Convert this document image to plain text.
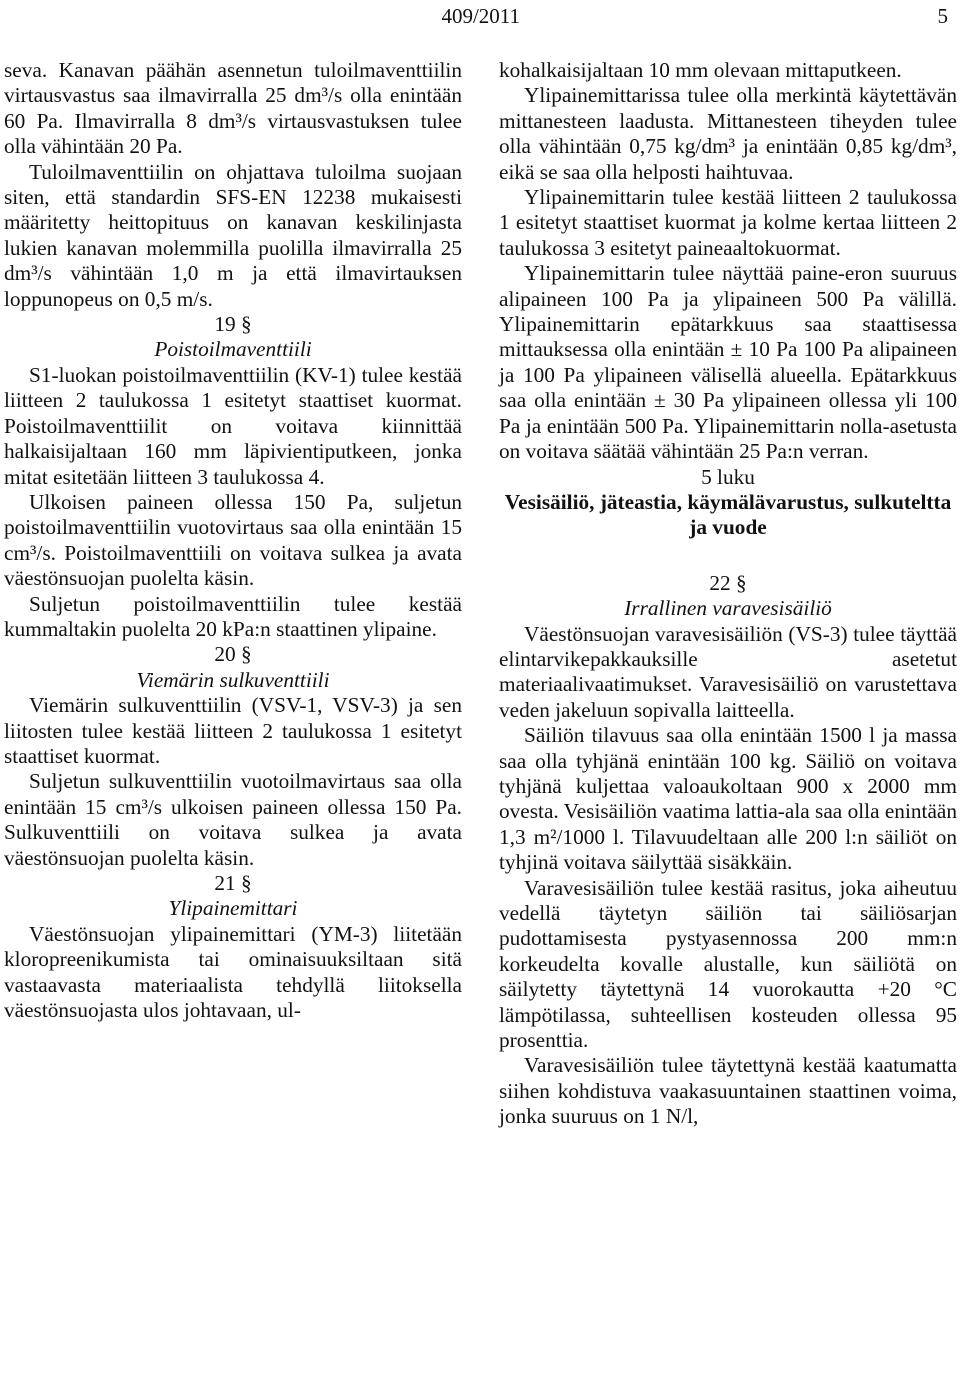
409/2011	5

seva. Kanavan päähän asennetun tuloilmaventtiilin virtausvastus saa ilmavirralla 25 dm³/s olla enintään 60 Pa. Ilmavirralla 8 dm³/s virtausvastuksen tulee olla vähintään 20 Pa.

Tuloilmaventtiilin on ohjattava tuloilma suojaan siten, että standardin SFS-EN 12238 mukaisesti määritetty heittopituus on kanavan keskilinjasta lukien kanavan molemmilla puolilla ilmavirralla 25 dm³/s vähintään 1,0 m ja että ilmavirtauksen loppunopeus on 0,5 m/s.

19 §

Poistoilmaventtiili

S1-luokan poistoilmaventtiilin (KV-1) tulee kestää liitteen 2 taulukossa 1 esitetyt staattiset kuormat. Poistoilmaventtiilit on voitava kiinnittää halkaisijaltaan 160 mm läpivientiputkeen, jonka mitat esitetään liitteen 3 taulukossa 4.

Ulkoisen paineen ollessa 150 Pa, suljetun poistoilmaventtiilin vuotovirtaus saa olla enintään 15 cm³/s. Poistoilmaventtiili on voitava sulkea ja avata väestönsuojan puolelta käsin.

Suljetun poistoilmaventtiilin tulee kestää kummaltakin puolelta 20 kPa:n staattinen ylipaine.

20 §

Viemärin sulkuventtiili

Viemärin sulkuventtiilin (VSV-1, VSV-3) ja sen liitosten tulee kestää liitteen 2 taulukossa 1 esitetyt staattiset kuormat.

Suljetun sulkuventtiilin vuotoilmavirtaus saa olla enintään 15 cm³/s ulkoisen paineen ollessa 150 Pa. Sulkuventtiili on voitava sulkea ja avata väestönsuojan puolelta käsin.

21 §

Ylipainemittari

Väestönsuojan ylipainemittari (YM-3) liitetään kloropreenikumista tai ominaisuuksiltaan sitä vastaavasta materiaalista tehdyllä liitoksella väestönsuojasta ulos johtavaan, ul-

kohalkaisijaltaan 10 mm olevaan mittaputkeen.

Ylipainemittarissa tulee olla merkintä käytettävän mittanesteen laadusta. Mittanesteen tiheyden tulee olla vähintään 0,75 kg/dm³ ja enintään 0,85 kg/dm³, eikä se saa olla helposti haihtuvaa.

Ylipainemittarin tulee kestää liitteen 2 taulukossa 1 esitetyt staattiset kuormat ja kolme kertaa liitteen 2 taulukossa 3 esitetyt paineaaltokuormat.

Ylipainemittarin tulee näyttää paine-eron suuruus alipaineen 100 Pa ja ylipaineen 500 Pa välillä. Ylipainemittarin epätarkkuus saa staattisessa mittauksessa olla enintään ± 10 Pa 100 Pa alipaineen ja 100 Pa ylipaineen välisellä alueella. Epätarkkuus saa olla enintään ± 30 Pa ylipaineen ollessa yli 100 Pa ja enintään 500 Pa. Ylipainemittarin nolla-asetusta on voitava säätää vähintään 25 Pa:n verran.

5 luku

Vesisäiliö, jäteastia, käymälävarustus, sulkuteltta ja vuode

22 §

Irrallinen varavesisäiliö

Väestönsuojan varavesisäiliön (VS-3) tulee täyttää elintarvikepakkauksille asetetut materiaalivaatimukset. Varavesisäiliö on varustettava veden jakeluun sopivalla laitteella.

Säiliön tilavuus saa olla enintään 1500 l ja massa saa olla tyhjänä enintään 100 kg. Säiliö on voitava tyhjänä kuljettaa valoaukoltaan 900 x 2000 mm ovesta. Vesisäiliön vaatima lattia-ala saa olla enintään 1,3 m²/1000 l. Tilavuudeltaan alle 200 l:n säiliöt on tyhjinä voitava säilyttää sisäkkäin.

Varavesisäiliön tulee kestää rasitus, joka aiheutuu vedellä täytetyn säiliön tai säiliösarjan pudottamisesta pystyasennossa 200 mm:n korkeudelta kovalle alustalle, kun säiliötä on säilytetty täytettynä 14 vuorokautta +20 °C lämpötilassa, suhteellisen kosteuden ollessa 95 prosenttia.

Varavesisäiliön tulee täytettynä kestää kaatumatta siihen kohdistuva vaakasuuntainen staattinen voima, jonka suuruus on 1 N/l,
